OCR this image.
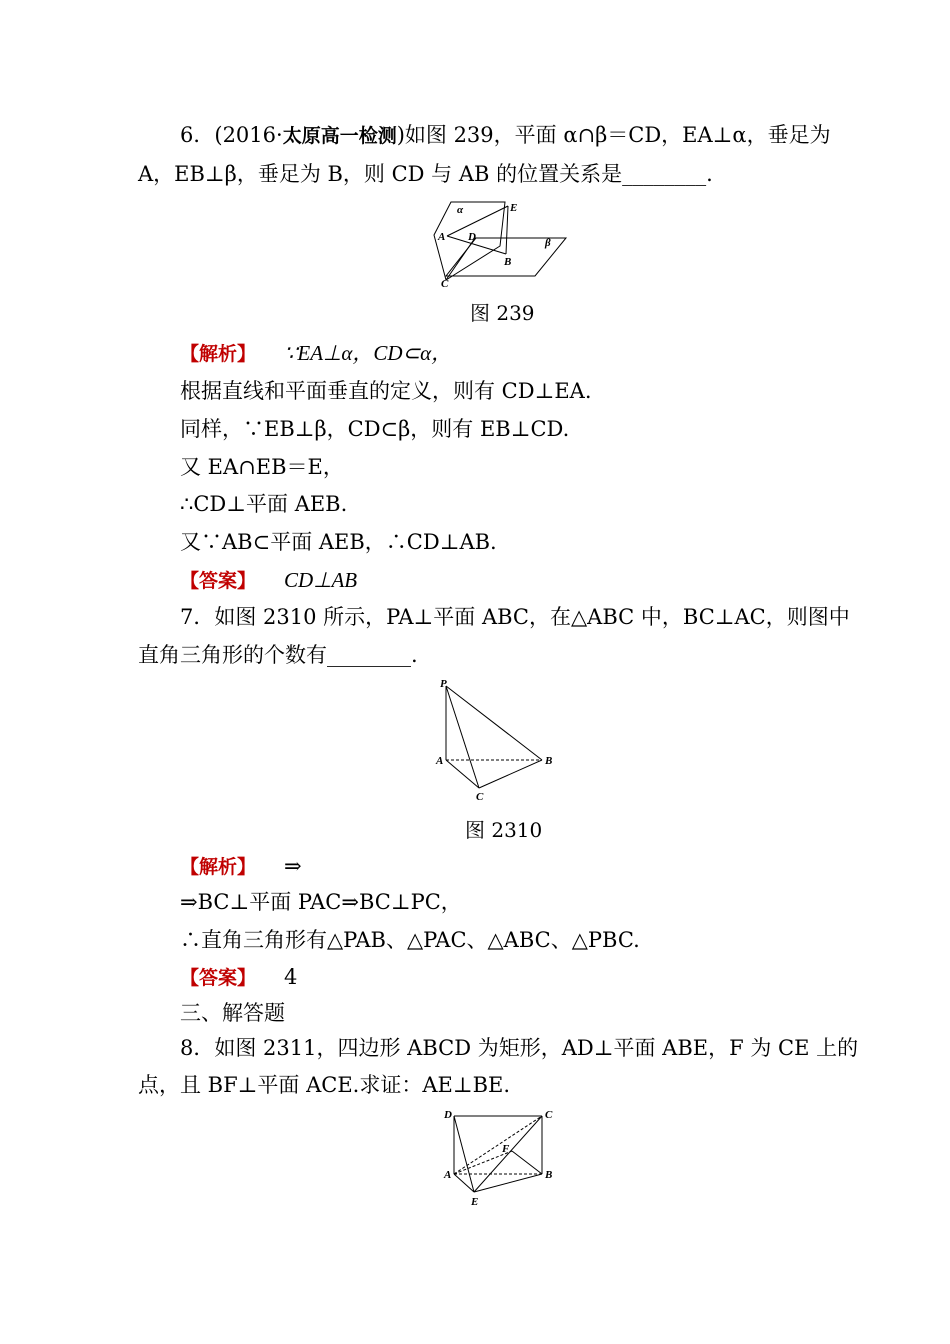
6．(2016·太原高一检测)如图 239，平面 α∩β＝CD，EA⊥α，垂足为
A，EB⊥β，垂足为 B，则 CD 与 AB 的位置关系是________.
α	E
A D	β
B
C
图 239
【解析】 ∵EA⊥α，CD⊂α，
根据直线和平面垂直的定义，则有 CD⊥EA.
同样，∵EB⊥β，CD⊂β，则有 EB⊥CD.
又 EA∩EB＝E，
∴CD⊥平面 AEB.
又∵AB⊂平面 AEB，∴CD⊥AB.
【答案】 CD⊥AB
7．如图 2310 所示，PA⊥平面 ABC，在△ABC 中，BC⊥AC，则图中
直角三角形的个数有________.
P
A	B
C
图 2310
【解析】 ⇒
⇒BC⊥平面 PAC⇒BC⊥PC，
∴直角三角形有△PAB、△PAC、△ABC、△PBC.
【答案】 4
三、解答题
8．如图 2311，四边形 ABCD 为矩形，AD⊥平面 ABE，F 为 CE 上的
点，且 BF⊥平面 ACE.求证：AE⊥BE.
D	C
F
A	B
E
